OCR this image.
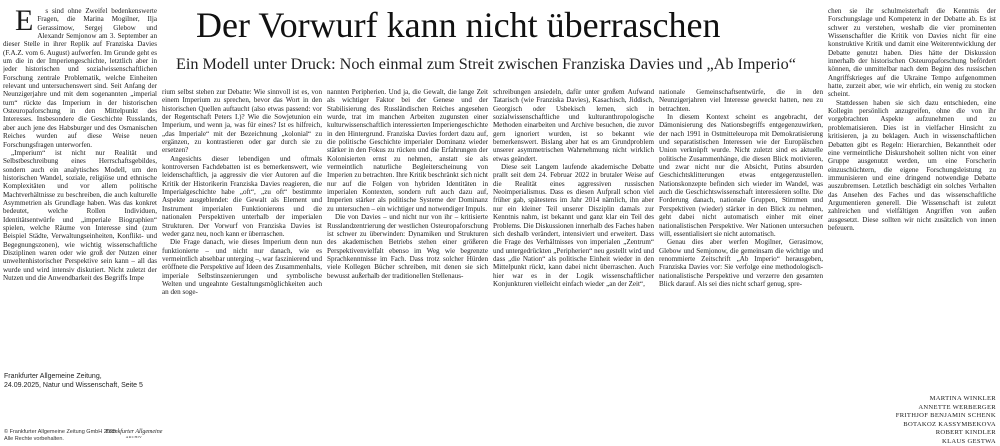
Der Vorwurf kann nicht überraschen
Ein Modell unter Druck: Noch einmal zum Streit zwischen Franziska Davies und „Ab Imperio“
E	s sind ohne Zweifel bedenkenswerte Fragen, die Marina Mogilner, Ilja Gerassimow, Sergej Glebow und Alexandr Semjonow am 3. September an dieser Stelle in ihrer Replik auf Franziska Davies (F.A.Z. vom 6. August) aufwerfen. Im Grunde geht es um die in der Imperiengeschichte, letztlich aber in jeder historischen und sozialwissenschaftlichen Forschung zentrale Problematik, welche Einheiten relevant und untersuchenswert sind. Seit Anfang der Neunzigerjahre und mit dem sogenannten „imperial turn“ rückte das Imperium in der historischen Osteuropaforschung in den Mittelpunkt des Interesses. Insbesondere die Geschichte Russlands, aber auch jene des Habsburger und des Osmanischen Reiches wurden auf diese Weise neuen Forschungsfragen unterworfen.

„Imperium“ ist nicht nur Realität und Selbstbeschreibung eines Herrschaftsgebildes, sondern auch ein analytisches Modell, um den historischen Wandel, soziale, religiöse und ethnische Komplexitäten und vor allem politische Machtverhältnisse zu beschreiben, die auch kulturelle Asymmetrien als Grundlage haben. Was das konkret bedeutet, welche Rollen Individuen, Identitätsentwürfe und „imperiale Biographien“ spielen, welche Räume von Interesse sind (zum Beispiel Städte, Verwaltungseinheiten, Konflikt- und Begegnungszonen), wie wichtig wissenschaftliche Disziplinen waren oder wie groß der Nutzen einer unweltenhistorischer Perspektive sein kann – all das wurde und wird intensiv diskutiert. Nicht zuletzt der Nutzen und die Anwendbarkeit des Begriffs Impe

rium selbst stehen zur Debatte: Wie sinnvoll ist es, von einem Imperium zu sprechen, bevor das Wort in den historischen Quellen auftaucht (also etwas passend: vor der Regentschaft Peters I.)? Wie die Sowjetunion ein Imperium, und wenn ja, was für eines? Ist es hilfreich, „das Imperiale“ mit der Bezeichnung „kolonial“ zu ergänzen, zu kontrastieren oder gar durch sie zu ersetzen?

Angesichts dieser lebendigen und oftmals kontroversen Fachdebatten ist es bemerkenswert, wie leidenschaftlich, ja aggressiv die vier Autoren auf die Kritik der Historikerin Franziska Davies reagieren, die Imperialgeschichte habe „oft“, „zu oft“ bestimmte Aspekte ausgeblendet: die Gewalt als Element und Instrument imperialen Funktionierens und die nationalen Perspektiven unterhalb der imperialen Strukturen. Der Vorwurf von Franziska Davies ist weder ganz neu, noch kann er überraschen.

Die Frage danach, wie dieses Imperium denn nun funktionierte – und nicht nur danach, wie es vermeintlich absehbar unterging –, war faszinierend und eröffnete die Perspektive auf Ideen des Zusammenhalts, imperiale Selbstinszenierungen und symbolische Welten und ungeahnte Gestaltungsmöglichkeiten auch an den soge-

nannten Peripherien. Und ja, die Gewalt, die lange Zeit als wichtiger Faktor bei der Genese und der Stabilisierung des Russländischen Reiches angesehen wurde, trat im manchen Arbeiten zugunsten einer kulturwissenschaftlich interessierten Imperiengeschichte in den Hintergrund. Franziska Davies fordert dazu auf, die politische Geschichte imperialer Dominanz wieder stärker in den Fokus zu rücken und die Erfahrungen der Kolonisierten ernst zu nehmen, anstatt sie als vermeintlich naturliche Begleiterscheinung von Imperien zu betrachten. Ihre Kritik beschränkt sich nicht nur auf die Folgen von hybriden Identitäten in imperialen Kontexten, sondern ruft auch dazu auf, Imperien stärker als politische Systeme der Dominanz zu untersuchen – ein wichtiger und notwendiger Impuls.

Die von Davies – und nicht nur von ihr – kritisierte Russlandzentrierung der westlichen Osteuropaforschung ist schwer zu überwinden: Dynamiken und Strukturen des akademischen Betriebs stehen einer größeren Perspektivenvielfalt ebenso im Weg wie begrenzte Sprachkenntnisse im Fach. Dass trotz solcher Hürden viele Kollegen Bücher schreiben, mit denen sie sich bewusst außerhalb der traditionellen Stellenaus-

schreibungen ansiedeln, dafür unter großem Aufwand Tatarisch (wie Franziska Davies), Kasachisch, Jiddisch, Georgisch oder Usbekisch lernen, sich in sozialwissenschaftliche und kulturanthropologische Methoden einarbeiten und Archive besuchen, die zuvor gern ignoriert wurden, ist so bekannt wie bemerkenswert. Bislang aber hat es am Grundproblem unserer asymmetrischen Wahrnehmung nicht wirklich etwas geändert.

Diese seit Langem laufende akademische Debatte prallt seit dem 24. Februar 2022 in brutaler Weise auf die Realität eines aggressiven russischen Neoimperialismus. Dass es diesen Aufprall schon viel früher gab, spätestens im Jahr 2014 nämlich, ihn aber nur ein kleiner Teil unserer Disziplin damals zur Kenntnis nahm, ist bekannt und ganz klar ein Teil des Problems. Die Diskussionen innerhalb des Faches haben sich deshalb verändert, intensiviert und erweitert. Dass die Frage des Verhältnisses von imperialen „Zentrum“ und untergedrückten „Peripherien“ neu gestellt wird und dass „die Nation“ als politische Einheit wieder in den Mittelpunkt rückt, kann dabei nicht überraschen. Auch hier war es in der Logik wissenschaftlicher Konjunkturen vielleicht einfach wieder „an der Zeit“,

nationale Gemeinschaftsentwürfe, die in den Neunzigerjahren viel Interesse geweckt hatten, neu zu betrachten.

In diesem Kontext scheint es angebracht, der Dämonisierung des Nationsbegriffs entgegenzuwirken, der nach 1991 in Ostmitteleuropa mit Demokratisierung und separatistischen Interessen wie der Europäischen Union verknüpft wurde. Nicht zuletzt sind es aktuelle politische Zusammenhänge, die diesen Blick motivieren, und zwar nicht nur die Absicht, Putins absurden Geschichtsklitterungen etwas entgegenzustellen. Nationskonzepte befinden sich wieder im Wandel, was auch die Geschichtswissenschaft interessieren sollte. Die Forderung danach, nationale Gruppen, Stimmen und Perspektiven (wieder) stärker in den Blick zu nehmen, geht dabei nicht automatisch einher mit einer nationalistischen Perspektive. Wer Nationen untersuchen will, essentialisiert sie nicht automatisch.

Genau dies aber werfen Mogilner, Gerasimow, Glebow und Semjonow, die gemeinsam die wichtige und renommierte Zeitschrift „Ab Imperio“ herausgeben, Franziska Davies vor: Sie verfolge eine methodologisch-nationalistische Perspektive und verzerre den gesamten Blick darauf. Als sei dies nicht scharf genug, spre-

chen sie ihr schulmeisterhaft die Kenntnis der Forschungslage und Kompetenz in der Debatte ab. Es ist schwer zu verstehen, weshalb die vier prominenten Wissenschaftler die Kritik von Davies nicht für eine konstruktive Kritik und damit eine Weiterentwicklung der Debatte genutzt haben. Dies hätte der Diskussion innerhalb der historischen Osteuropaforschung befördert können, die unmittelbar nach dem Beginn des russischen Angriffskrieges auf die Ukraine Tempo aufgenommen hatte, zurzeit aber, wie wir ehrlich, ein wenig zu stocken scheint.

Stattdessen haben sie sich dazu entschieden, eine Kollegin persönlich anzugreifen, ohne die von ihr vorgebrachten Aspekte aufzunehmen und zu problematisieren. Dies ist in vielfacher Hinsicht zu kritisieren, ja zu beklagen. Auch in wissenschaftlichen Debatten gibt es Regeln: Hierarchien, Bekanntheit oder eine vermeintliche Diskurshoheit sollten nicht von einer Gruppe ausgenutzt werden, um eine Forscherin einzuschüchtern, die eigene Forschungsleistung zu immunisieren und eine dringend notwendige Debatte auszubremsen. Letztlich beschädigt ein solches Verhalten das Ansehen des Faches und das wissenschaftliche Argumentieren generell. Die Wissenschaft ist zuletzt zahlreichen und vielfältigen Angriffen von außen ausgesetzt. Diese sollten wir nicht zusätzlich von innen befeuern.

MARTINA WINKLER
ANNETTE WERBERGER
FRITHJOF BENJAMIN SCHENK
BOTAKOZ KASSYMBEKOVA
ROBERT KINDLER
KLAUS GESTWA
Frankfurter Allgemeine Zeitung,
24.09.2025, Natur und Wissenschaft, Seite 5
© Frankfurter Allgemeine Zeitung GmbH 2025.
Alle Rechte vorbehalten.
Frankfurter Allgemeine
ARCHIV
